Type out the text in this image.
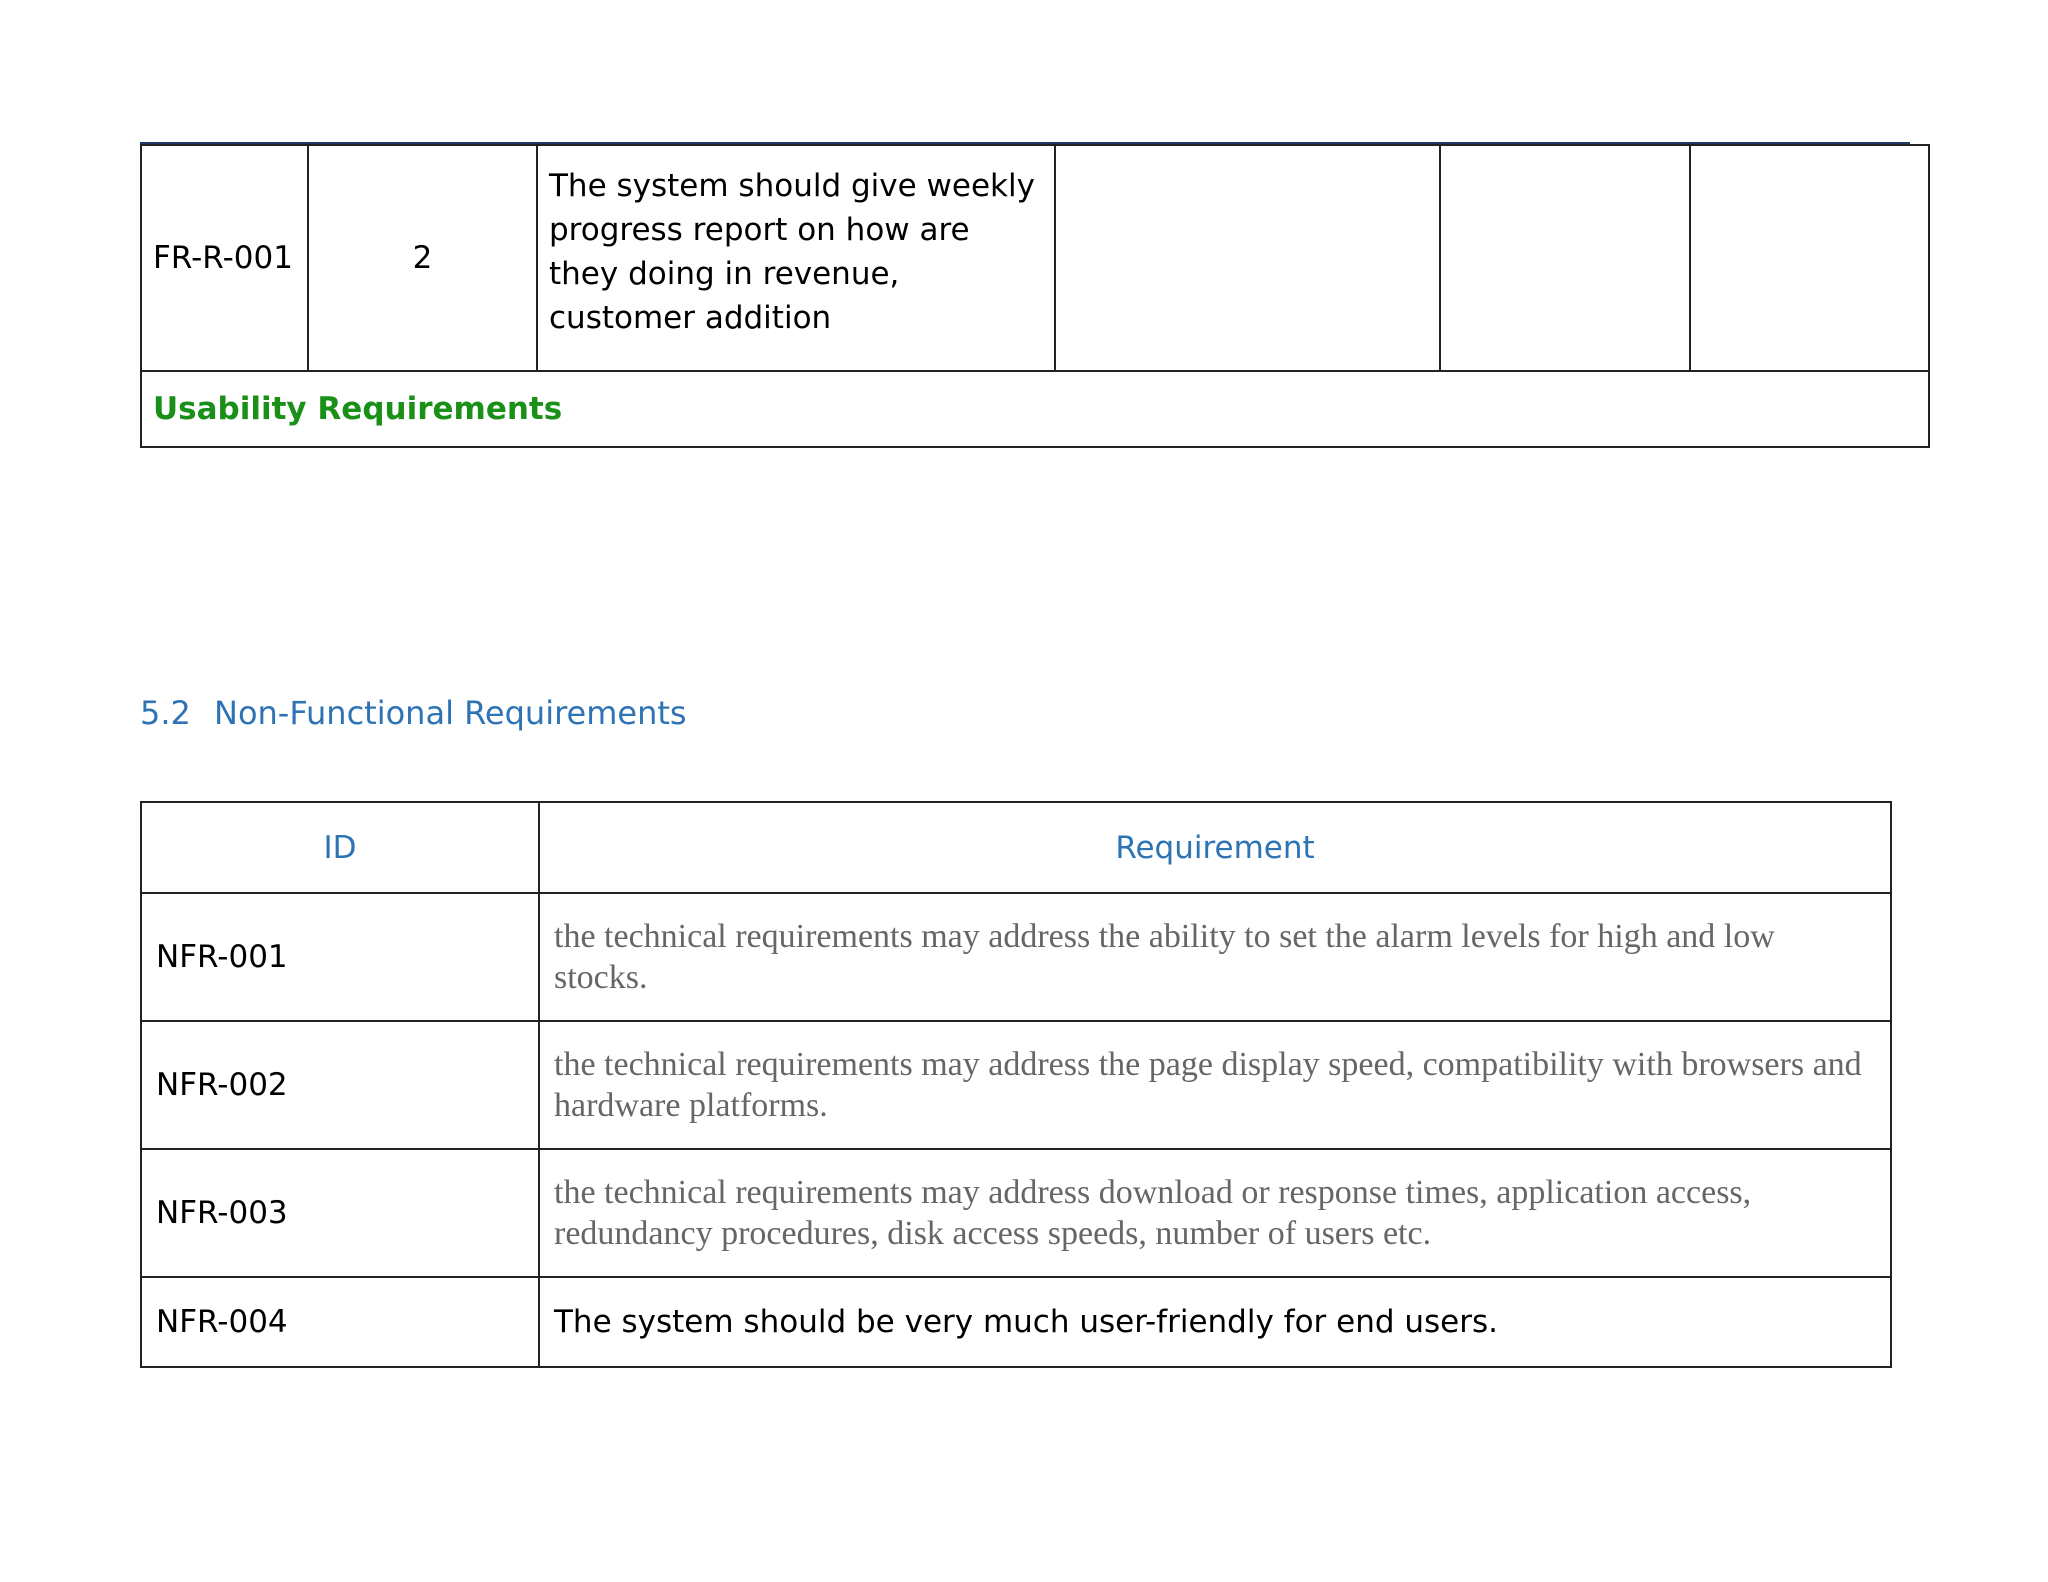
FR-R-001	2	The system should give weekly progress report on how are they doing in revenue, customer addition			
Usability Requirements
5.2 Non-Functional Requirements
ID	Requirement
NFR-001	the technical requirements may address the ability to set the alarm levels for high and low stocks.
NFR-002	the technical requirements may address the page display speed, compatibility with browsers and hardware platforms.
NFR-003	the technical requirements may address download or response times, application access, redundancy procedures, disk access speeds, number of users etc.
NFR-004	The system should be very much user-friendly for end users.
